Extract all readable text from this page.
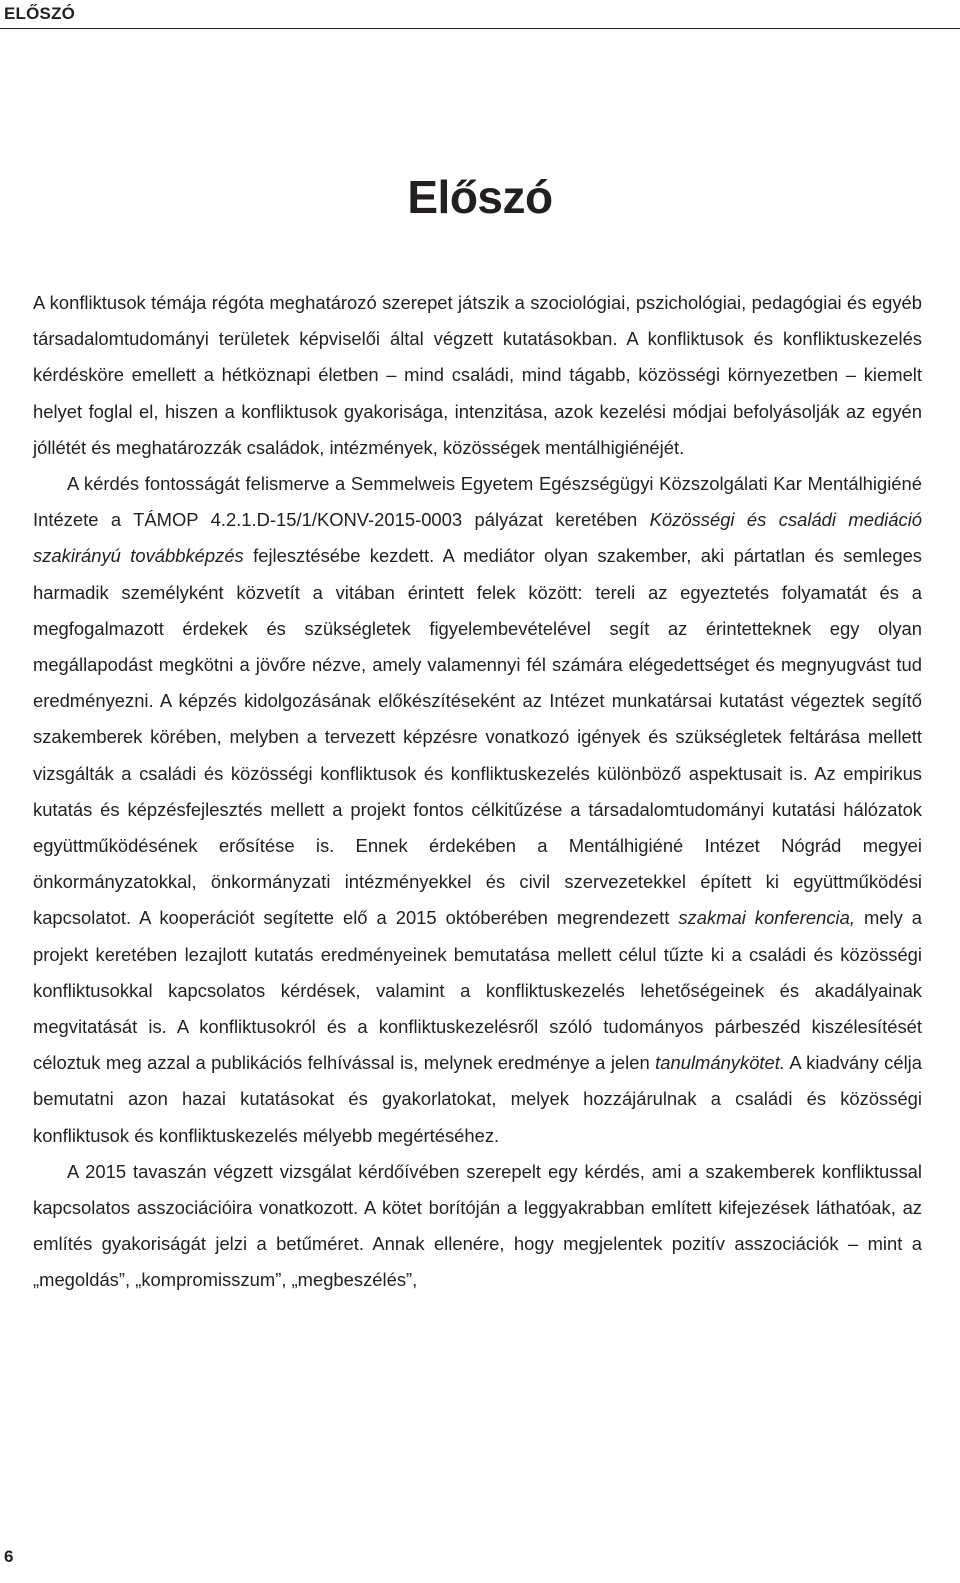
ELŐSZÓ
Előszó

A konfliktusok témája régóta meghatározó szerepet játszik a szociológiai, pszichológiai, pedagógiai és egyéb társadalomtudományi területek képviselői által végzett kutatásokban. A konfliktusok és konfliktuskezelés kérdésköre emellett a hétköznapi életben – mind családi, mind tágabb, közösségi környezetben – kiemelt helyet foglal el, hiszen a konfliktusok gyakorisága, intenzitása, azok kezelési módjai befolyásolják az egyén jóllétét és meghatározzák családok, intézmények, közösségek mentálhigiénéjét.

A kérdés fontosságát felismerve a Semmelweis Egyetem Egészségügyi Közszolgálati Kar Mentálhigiéné Intézete a TÁMOP 4.2.1.D-15/1/KONV-2015-0003 pályázat keretében Közösségi és családi mediáció szakirányú továbbképzés fejlesztésébe kezdett. A mediátor olyan szakember, aki pártatlan és semleges harmadik személyként közvetít a vitában érintett felek között: tereli az egyeztetés folyamatát és a megfogalmazott érdekek és szükségletek figyelembevételével segít az érintetteknek egy olyan megállapodást megkötni a jövőre nézve, amely valamennyi fél számára elégedettséget és megnyugvást tud eredményezni. A képzés kidolgozásának előkészítéseként az Intézet munkatársai kutatást végeztek segítő szakemberek körében, melyben a tervezett képzésre vonatkozó igények és szükségletek feltárása mellett vizsgálták a családi és közösségi konfliktusok és konfliktuskezelés különböző aspektusait is. Az empirikus kutatás és képzésfejlesztés mellett a projekt fontos célkitűzése a társadalomtudományi kutatási hálózatok együttműködésének erősítése is. Ennek érdekében a Mentálhigiéné Intézet Nógrád megyei önkormányzatokkal, önkormányzati intézményekkel és civil szervezetekkel épített ki együttműködési kapcsolatot. A kooperációt segítette elő a 2015 októberében megrendezett szakmai konferencia, mely a projekt keretében lezajlott kutatás eredményeinek bemutatása mellett célul tűzte ki a családi és közösségi konfliktusokkal kapcsolatos kérdések, valamint a konfliktuskezelés lehetőségeinek és akadályainak megvitatását is. A konfliktusokról és a konfliktuskezelésről szóló tudományos párbeszéd kiszélesítését céloztuk meg azzal a publikációs felhívással is, melynek eredménye a jelen tanulmánykötet. A kiadvány célja bemutatni azon hazai kutatásokat és gyakorlatokat, melyek hozzájárulnak a családi és közösségi konfliktusok és konfliktuskezelés mélyebb megértéséhez.

A 2015 tavaszán végzett vizsgálat kérdőívében szerepelt egy kérdés, ami a szakemberek konfliktussal kapcsolatos asszociációira vonatkozott. A kötet borítóján a leggyakrabban említett kifejezések láthatóak, az említés gyakoriságát jelzi a betűméret. Annak ellenére, hogy megjelentek pozitív asszociációk – mint a „megoldás”, „kompromisszum”, „megbeszélés”,

6
